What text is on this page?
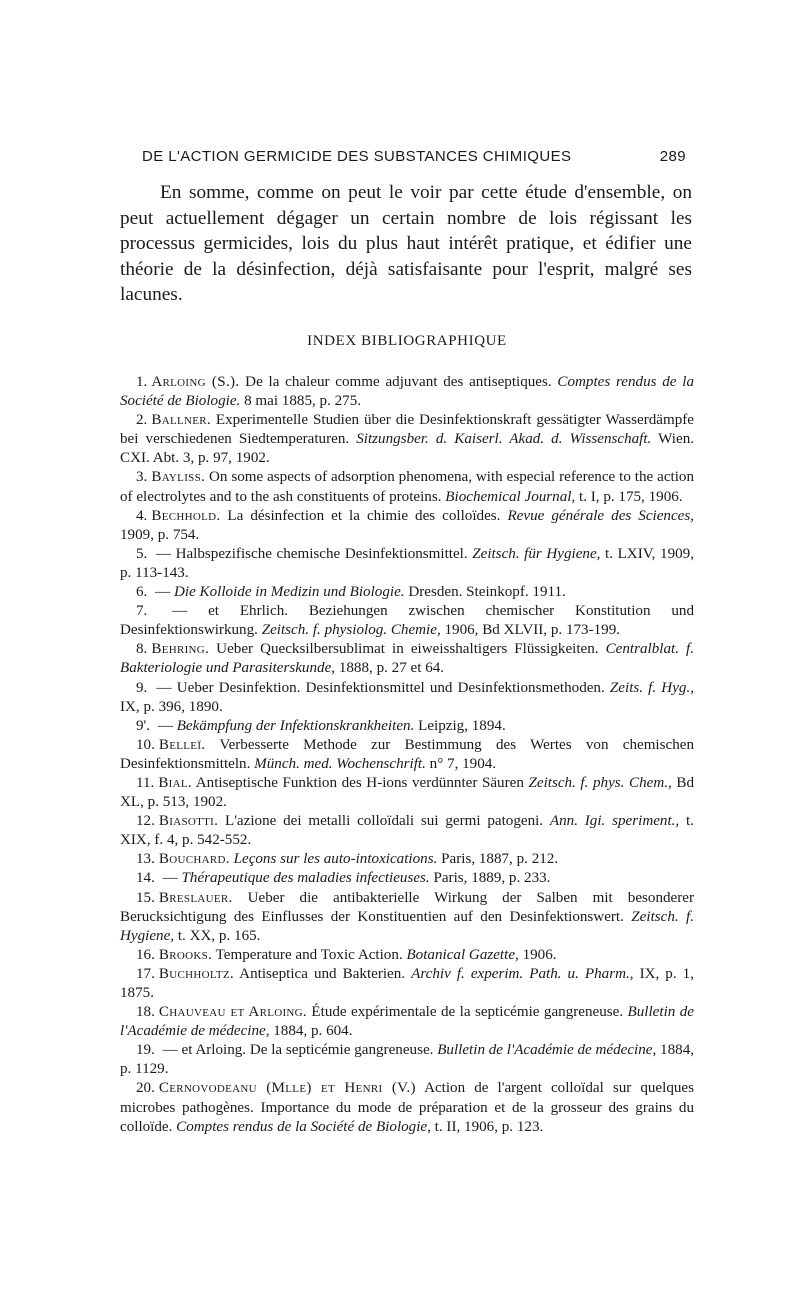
DE L'ACTION GERMICIDE DES SUBSTANCES CHIMIQUES	289

En somme, comme on peut le voir par cette étude d'ensemble, on peut actuellement dégager un certain nombre de lois régissant les processus germicides, lois du plus haut intérêt pratique, et édifier une théorie de la désinfection, déjà satisfaisante pour l'esprit, malgré ses lacunes.

INDEX BIBLIOGRAPHIQUE

1. Arloing (S.). De la chaleur comme adjuvant des antiseptiques. Comptes rendus de la Société de Biologie. 8 mai 1885, p. 275.

2. Ballner. Experimentelle Studien über die Desinfektionskraft gessätigter Wasserdämpfe bei verschiedenen Siedtemperaturen. Sitzungsber. d. Kaiserl. Akad. d. Wissenschaft. Wien. CXI. Abt. 3, p. 97, 1902.

3. Bayliss. On some aspects of adsorption phenomena, with especial reference to the action of electrolytes and to the ash constituents of proteins. Biochemical Journal, t. I, p. 175, 1906.

4. Bechhold. La désinfection et la chimie des colloïdes. Revue générale des Sciences, 1909, p. 754.

5. — Halbspezifische chemische Desinfektionsmittel. Zeitsch. für Hygiene, t. LXIV, 1909, p. 113-143.

6. — Die Kolloide in Medizin und Biologie. Dresden. Steinkopf. 1911.

7. — et Ehrlich. Beziehungen zwischen chemischer Konstitution und Desinfektionswirkung. Zeitsch. f. physiolog. Chemie, 1906, Bd XLVII, p. 173-199.

8. Behring. Ueber Quecksilbersublimat in eiweisshaltigers Flüssigkeiten. Centralblat. f. Bakteriologie und Parasiterskunde, 1888, p. 27 et 64.

9. — Ueber Desinfektion. Desinfektionsmittel und Desinfektionsmethoden. Zeits. f. Hyg., IX, p. 396, 1890.

9'. — Bekämpfung der Infektionskrankheiten. Leipzig, 1894.

10. Belleï. Verbesserte Methode zur Bestimmung des Wertes von chemischen Desinfektionsmitteln. Münch. med. Wochenschrift. n° 7, 1904.

11. Bial. Antiseptische Funktion des H-ions verdünnter Säuren Zeitsch. f. phys. Chem., Bd XL, p. 513, 1902.

12. Biasotti. L'azione dei metalli colloïdali sui germi patogeni. Ann. Igi. speriment., t. XIX, f. 4, p. 542-552.

13. Bouchard. Leçons sur les auto-intoxications. Paris, 1887, p. 212.

14. — Thérapeutique des maladies infectieuses. Paris, 1889, p. 233.

15. Breslauer. Ueber die antibakterielle Wirkung der Salben mit besonderer Berucksichtigung des Einflusses der Konstituentien auf den Desinfektionswert. Zeitsch. f. Hygiene, t. XX, p. 165.

16. Brooks. Temperature and Toxic Action. Botanical Gazette, 1906.

17. Buchholtz. Antiseptica und Bakterien. Archiv f. experim. Path. u. Pharm., IX, p. 1, 1875.

18. Chauveau et Arloing. Étude expérimentale de la septicémie gangreneuse. Bulletin de l'Académie de médecine, 1884, p. 604.

19. — et Arloing. De la septicémie gangreneuse. Bulletin de l'Académie de médecine, 1884, p. 1129.

20. Cernovodeanu (Mlle) et Henri (V.) Action de l'argent colloïdal sur quelques microbes pathogènes. Importance du mode de préparation et de la grosseur des grains du colloïde. Comptes rendus de la Société de Biologie, t. II, 1906, p. 123.
